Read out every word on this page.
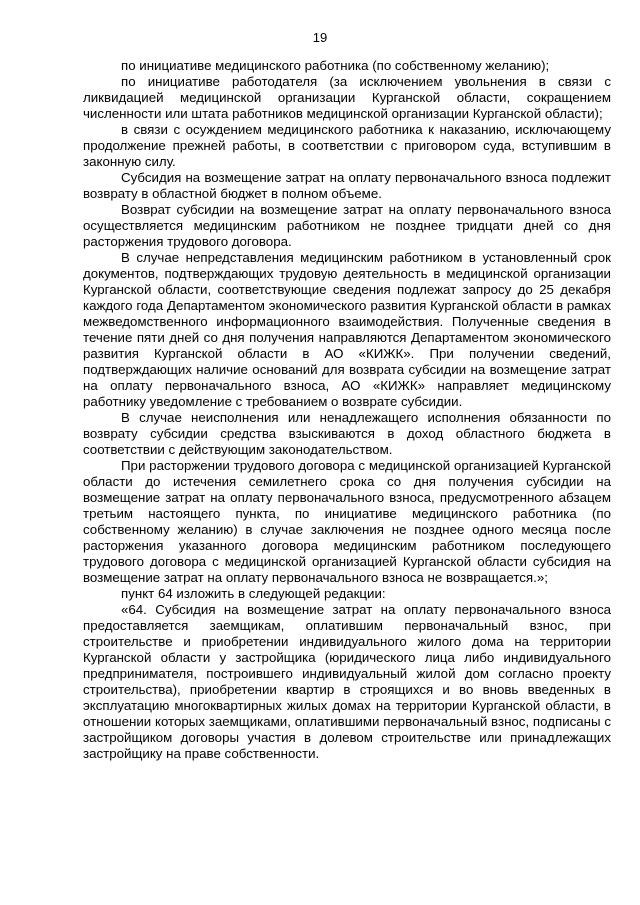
19

по инициативе медицинского работника (по собственному желанию);

по инициативе работодателя (за исключением увольнения в связи с ликвидацией медицинской организации Курганской области, сокращением численности или штата работников медицинской организации Курганской области);

в связи с осуждением медицинского работника к наказанию, исключающему продолжение прежней работы, в соответствии с приговором суда, вступившим в законную силу.

Субсидия на возмещение затрат на оплату первоначального взноса подлежит возврату в областной бюджет в полном объеме.

Возврат субсидии на возмещение затрат на оплату первоначального взноса осуществляется медицинским работником не позднее тридцати дней со дня расторжения трудового договора.

В случае непредставления медицинским работником в установленный срок документов, подтверждающих трудовую деятельность в медицинской организации Курганской области, соответствующие сведения подлежат запросу до 25 декабря каждого года Департаментом экономического развития Курганской области в рамках межведомственного информационного взаимодействия. Полученные сведения в течение пяти дней со дня получения направляются Департаментом экономического развития Курганской области в АО «КИЖК». При получении сведений, подтверждающих наличие оснований для возврата субсидии на возмещение затрат на оплату первоначального взноса, АО «КИЖК» направляет медицинскому работнику уведомление с требованием о возврате субсидии.

В случае неисполнения или ненадлежащего исполнения обязанности по возврату субсидии средства взыскиваются в доход областного бюджета в соответствии с действующим законодательством.

При расторжении трудового договора с медицинской организацией Курганской области до истечения семилетнего срока со дня получения субсидии на возмещение затрат на оплату первоначального взноса, предусмотренного абзацем третьим настоящего пункта, по инициативе медицинского работника (по собственному желанию) в случае заключения не позднее одного месяца после расторжения указанного договора медицинским работником последующего трудового договора с медицинской организацией Курганской области субсидия на возмещение затрат на оплату первоначального взноса не возвращается.»;

пункт 64 изложить в следующей редакции:

«64. Субсидия на возмещение затрат на оплату первоначального взноса предоставляется заемщикам, оплатившим первоначальный взнос, при строительстве и приобретении индивидуального жилого дома на территории Курганской области у застройщика (юридического лица либо индивидуального предпринимателя, построившего индивидуальный жилой дом согласно проекту строительства), приобретении квартир в строящихся и во вновь введенных в эксплуатацию многоквартирных жилых домах на территории Курганской области, в отношении которых заемщиками, оплатившими первоначальный взнос, подписаны с застройщиком договоры участия в долевом строительстве или принадлежащих застройщику на праве собственности.
